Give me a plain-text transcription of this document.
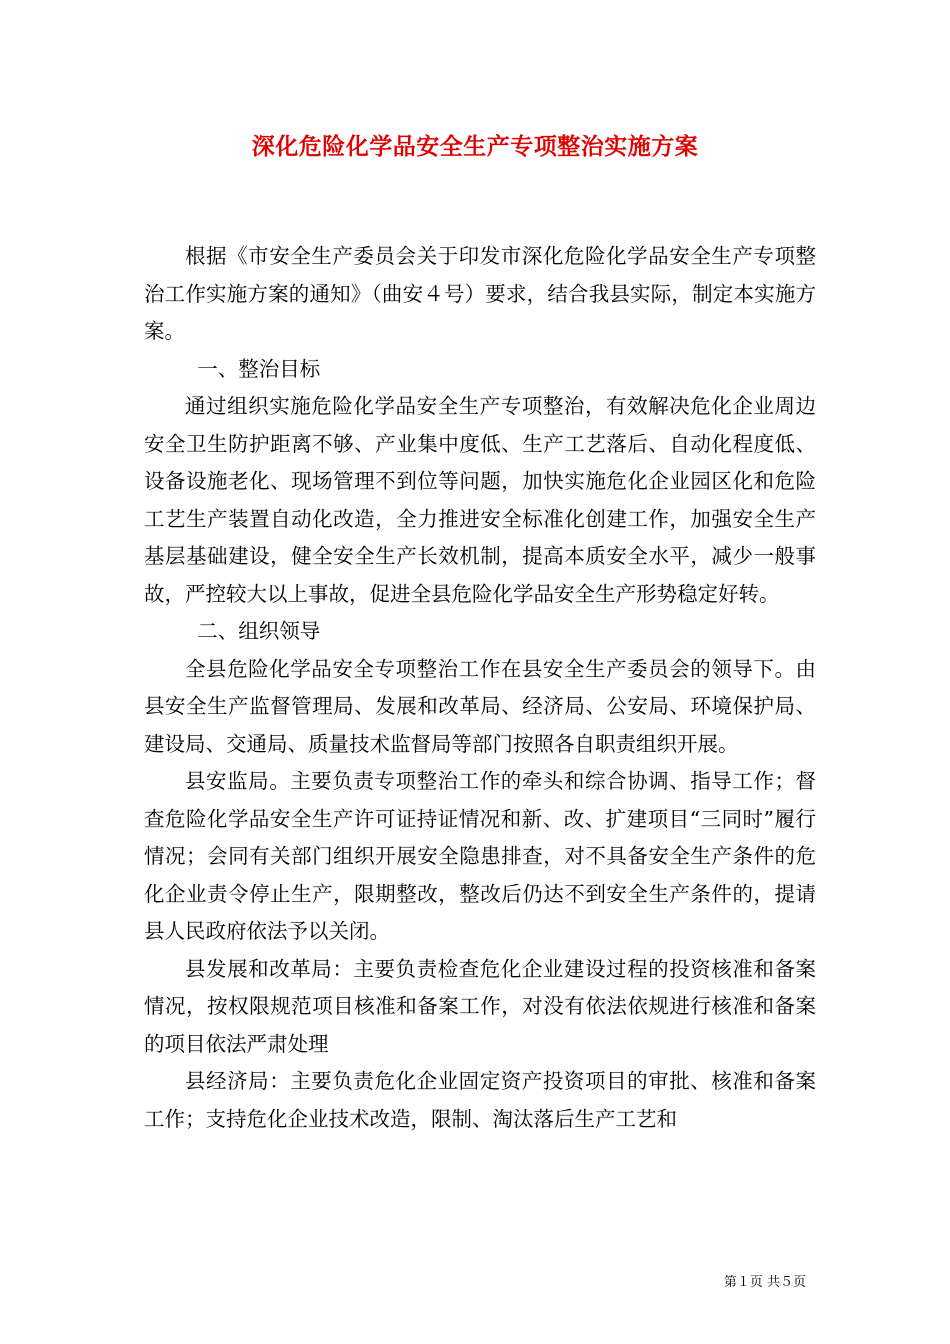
深化危险化学品安全生产专项整治实施方案

根据《市安全生产委员会关于印发市深化危险化学品安全生产专项整治工作实施方案的通知》（曲安４号）要求，结合我县实际，制定本实施方案。

一、整治目标

通过组织实施危险化学品安全生产专项整治，有效解决危化企业周边安全卫生防护距离不够、产业集中度低、生产工艺落后、自动化程度低、设备设施老化、现场管理不到位等问题，加快实施危化企业园区化和危险工艺生产装置自动化改造，全力推进安全标准化创建工作，加强安全生产基层基础建设，健全安全生产长效机制，提高本质安全水平，减少一般事故，严控较大以上事故，促进全县危险化学品安全生产形势稳定好转。

二、组织领导

全县危险化学品安全专项整治工作在县安全生产委员会的领导下。由县安全生产监督管理局、发展和改革局、经济局、公安局、环境保护局、建设局、交通局、质量技术监督局等部门按照各自职责组织开展。

县安监局。主要负责专项整治工作的牵头和综合协调、指导工作；督查危险化学品安全生产许可证持证情况和新、改、扩建项目“三同时”履行情况；会同有关部门组织开展安全隐患排查，对不具备安全生产条件的危化企业责令停止生产，限期整改，整改后仍达不到安全生产条件的，提请县人民政府依法予以关闭。

县发展和改革局：主要负责检查危化企业建设过程的投资核准和备案情况，按权限规范项目核准和备案工作，对没有依法依规进行核准和备案的项目依法严肃处理

县经济局：主要负责危化企业固定资产投资项目的审批、核准和备案工作；支持危化企业技术改造，限制、淘汰落后生产工艺和

第１页 共５页
